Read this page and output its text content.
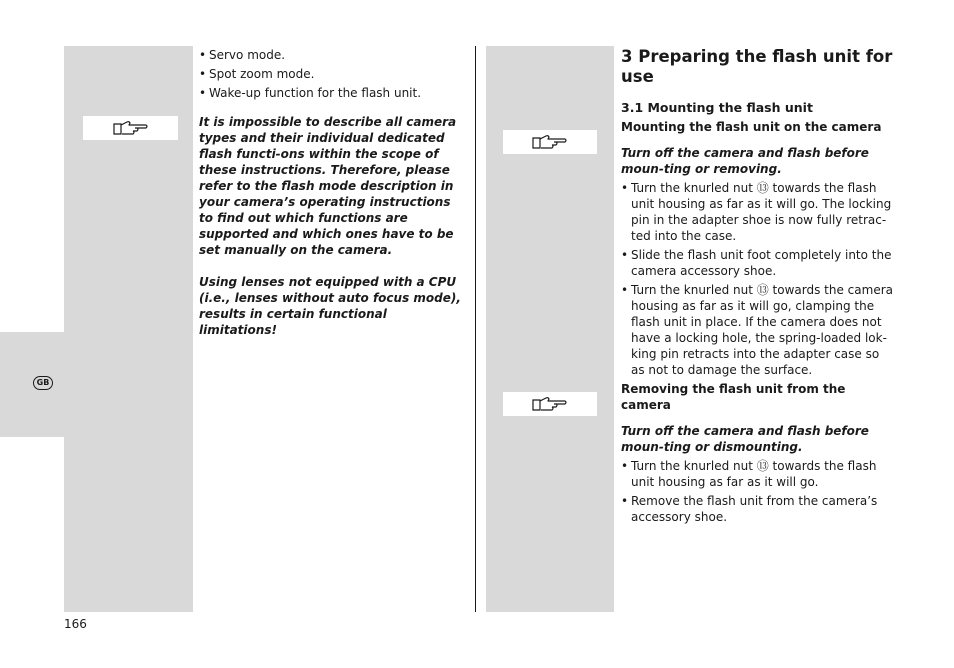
GB
• Servo mode.
• Spot zoom mode.
• Wake-up function for the flash unit.

It is impossible to describe all camera types and their individual dedicated flash functi-ons within the scope of these instructions. Therefore, please refer to the flash mode description in your camera’s operating instructions to find out which functions are supported and which ones have to be set manually on the camera.

Using lenses not equipped with a CPU (i.e., lenses without auto focus mode), results in certain functional limitations!

3 Preparing the flash unit for use
3.1 Mounting the flash unit
Mounting the flash unit on the camera

Turn off the camera and flash before moun-ting or removing.

• Turn the knurled nut ⑬ towards the flash unit housing as far as it will go. The locking pin in the adapter shoe is now fully retrac-ted into the case.
• Slide the flash unit foot completely into the camera accessory shoe.
• Turn the knurled nut ⑬ towards the camera housing as far as it will go, clamping the flash unit in place. If the camera does not have a locking hole, the spring-loaded lok-king pin retracts into the adapter case so as not to damage the surface.
Removing the flash unit from the camera

Turn off the camera and flash before moun-ting or dismounting.

• Turn the knurled nut ⑬ towards the flash unit housing as far as it will go.
• Remove the flash unit from the camera’s accessory shoe.
166
